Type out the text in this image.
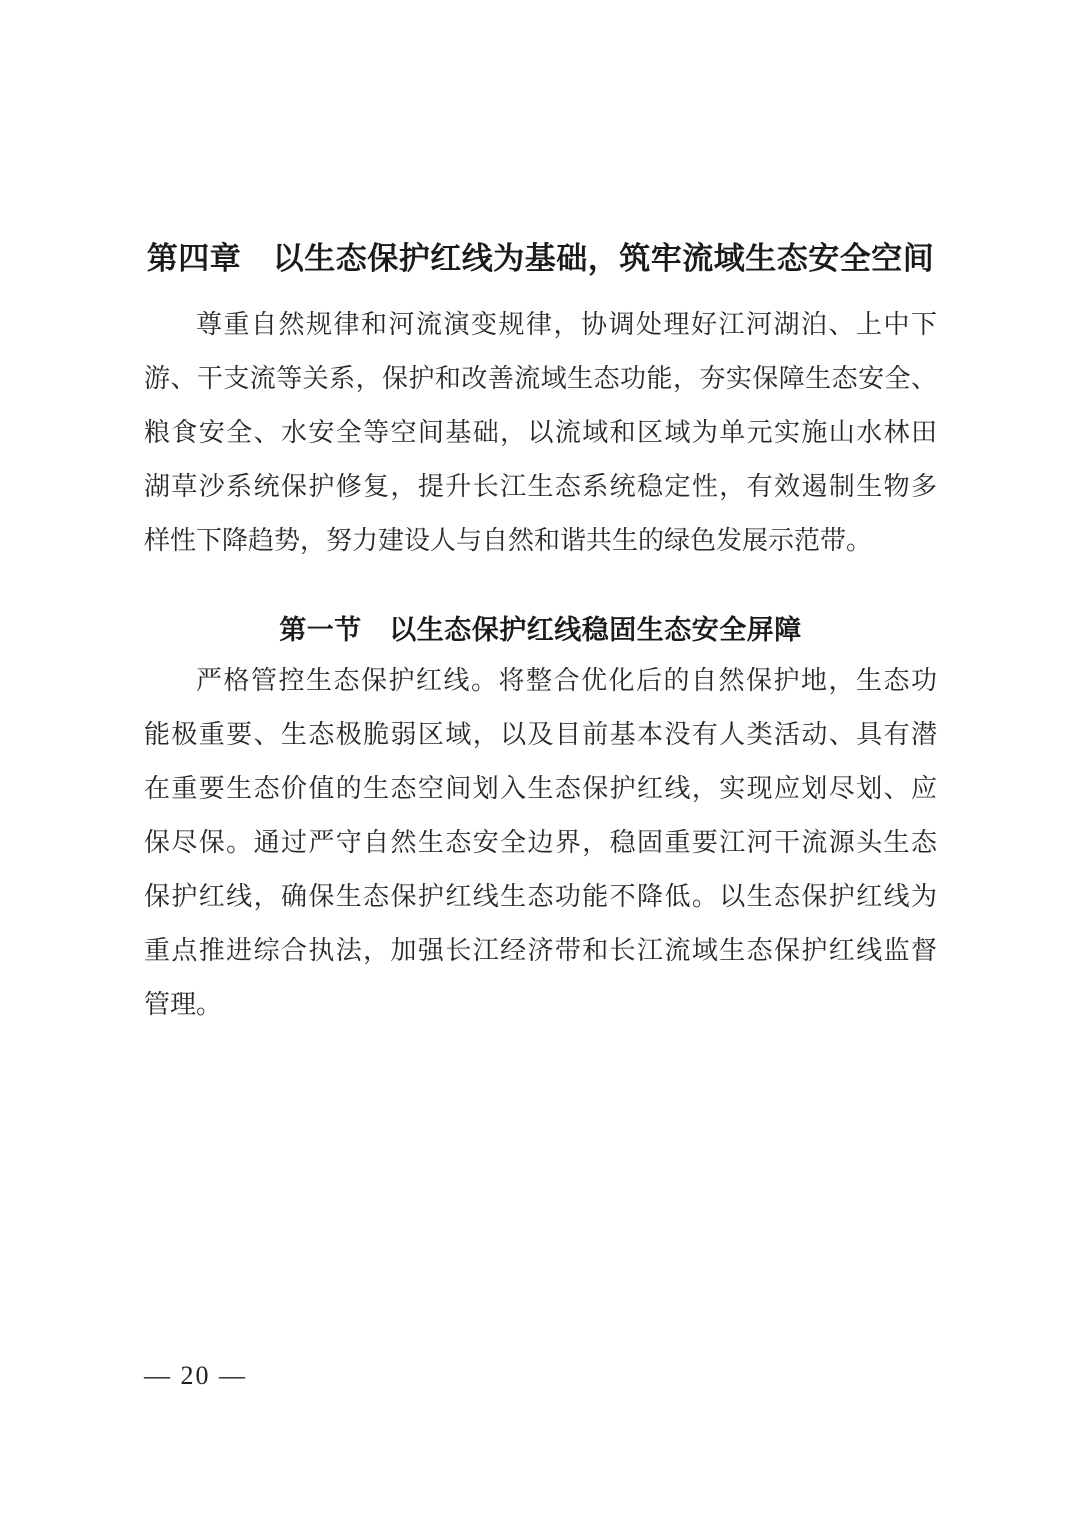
第四章　以生态保护红线为基础，筑牢流域生态安全空间
尊重自然规律和河流演变规律，协调处理好江河湖泊、上中下
游、干支流等关系，保护和改善流域生态功能，夯实保障生态安全、
粮食安全、水安全等空间基础，以流域和区域为单元实施山水林田
湖草沙系统保护修复，提升长江生态系统稳定性，有效遏制生物多
样性下降趋势，努力建设人与自然和谐共生的绿色发展示范带。
第一节　以生态保护红线稳固生态安全屏障
严格管控生态保护红线。将整合优化后的自然保护地，生态功
能极重要、生态极脆弱区域，以及目前基本没有人类活动、具有潜
在重要生态价值的生态空间划入生态保护红线，实现应划尽划、应
保尽保。通过严守自然生态安全边界，稳固重要江河干流源头生态
保护红线，确保生态保护红线生态功能不降低。以生态保护红线为
重点推进综合执法，加强长江经济带和长江流域生态保护红线监督
管理。
— 20 —
